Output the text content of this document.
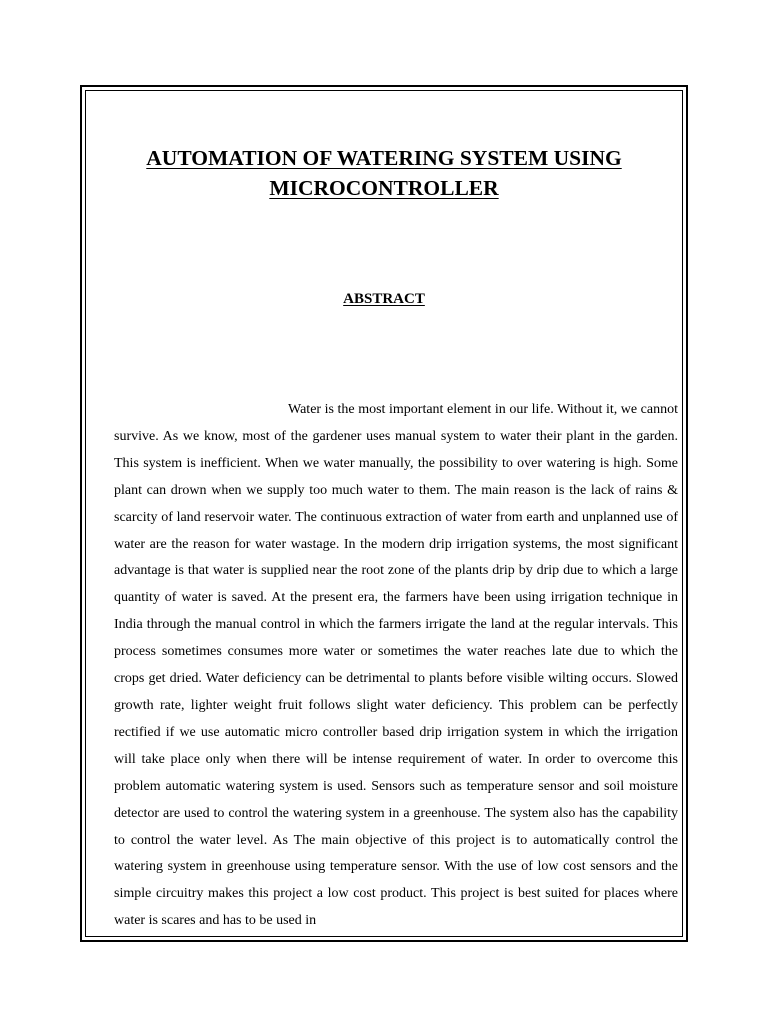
AUTOMATION OF WATERING SYSTEM USING MICROCONTROLLER
ABSTRACT

Water is the most important element in our life. Without it, we cannot survive. As we know, most of the gardener uses manual system to water their plant in the garden. This system is inefficient. When we water manually, the possibility to over watering is high. Some plant can drown when we supply too much water to them. The main reason is the lack of rains & scarcity of land reservoir water. The continuous extraction of water from earth and unplanned use of water are the reason for water wastage. In the modern drip irrigation systems, the most significant advantage is that water is supplied near the root zone of the plants drip by drip due to which a large quantity of water is saved. At the present era, the farmers have been using irrigation technique in India through the manual control in which the farmers irrigate the land at the regular intervals. This process sometimes consumes more water or sometimes the water reaches late due to which the crops get dried. Water deficiency can be detrimental to plants before visible wilting occurs. Slowed growth rate, lighter weight fruit follows slight water deficiency. This problem can be perfectly rectified if we use automatic micro controller based drip irrigation system in which the irrigation will take place only when there will be intense requirement of water. In order to overcome this problem automatic watering system is used. Sensors such as temperature sensor and soil moisture detector are used to control the watering system in a greenhouse. The system also has the capability to control the water level. As The main objective of this project is to automatically control the watering system in greenhouse using temperature sensor. With the use of low cost sensors and the simple circuitry makes this project a low cost product. This project is best suited for places where water is scares and has to be used in
